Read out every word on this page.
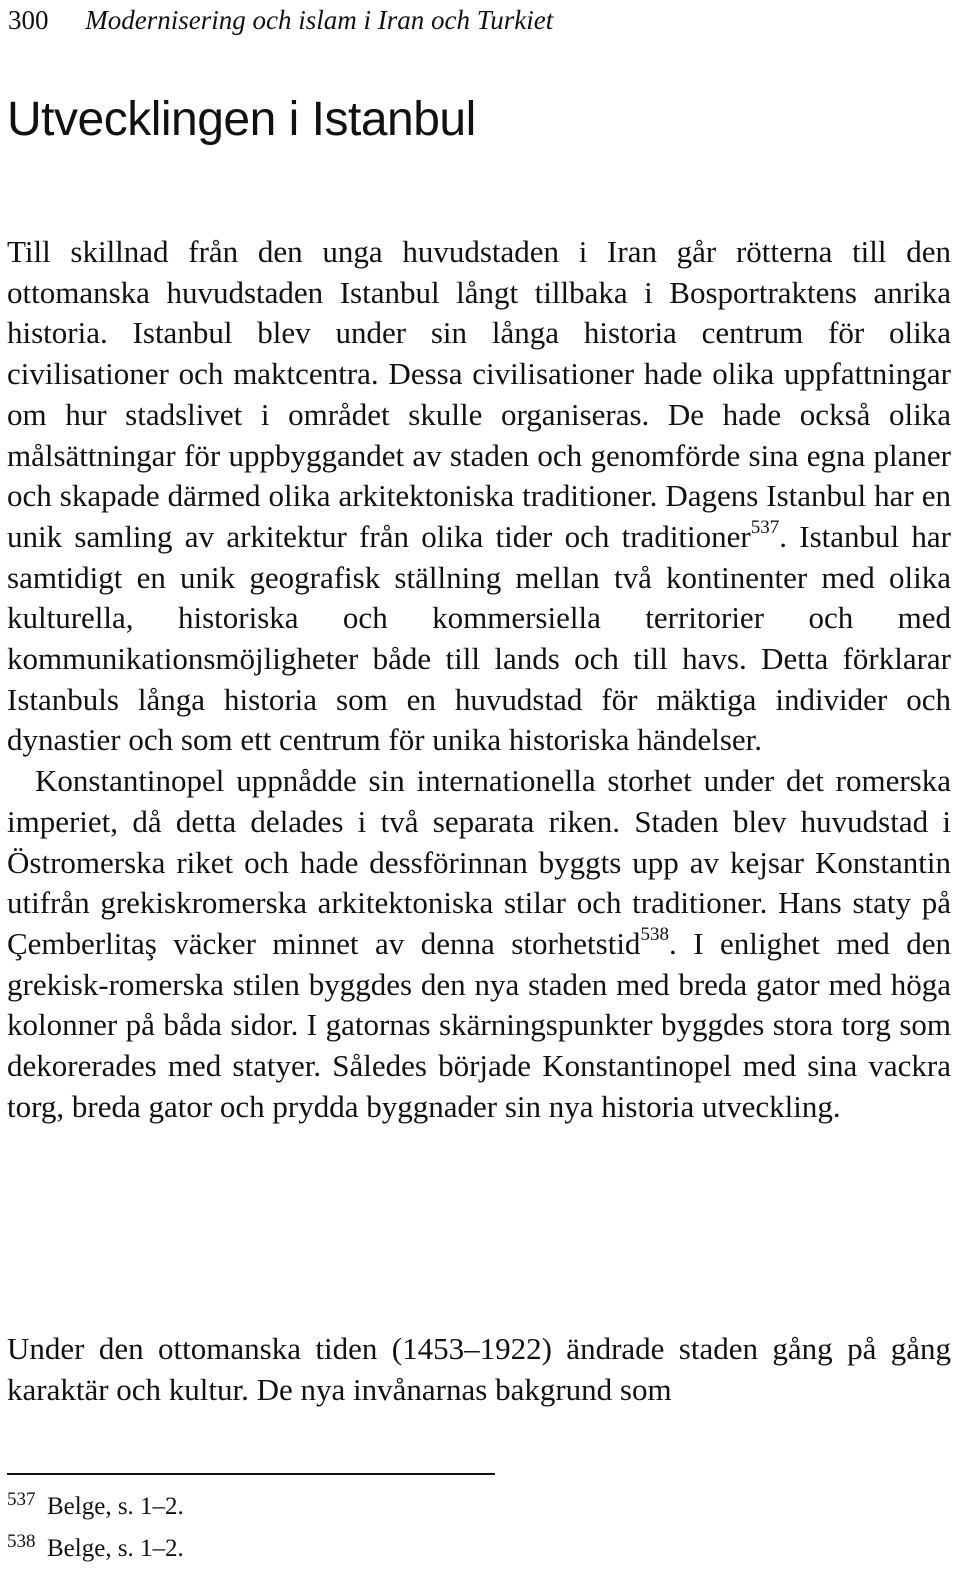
300 Modernisering och islam i Iran och Turkiet
Utvecklingen i Istanbul

Till skillnad från den unga huvudstaden i Iran går rötterna till den ottomanska huvudstaden Istanbul långt tillbaka i Bosportraktens anrika historia. Istanbul blev under sin långa historia centrum för olika civilisationer och maktcentra. Dessa civilisationer hade olika uppfattningar om hur stadslivet i området skulle organiseras. De hade också olika målsättningar för uppbyggandet av staden och genomförde sina egna planer och skapade därmed olika arkitektoniska traditioner. Dagens Istanbul har en unik samling av arkitektur från olika tider och traditioner$^{537}$. Istanbul har samtidigt en unik geografisk ställning mellan två kontinenter med olika kulturella, historiska och kommersiella territorier och med kommunikationsmöjligheter både till lands och till havs. Detta förklarar Istanbuls långa historia som en huvudstad för mäktiga individer och dynastier och som ett centrum för unika historiska händelser.

Konstantinopel uppnådde sin internationella storhet under det romerska imperiet, då detta delades i två separata riken. Staden blev huvudstad i Östromerska riket och hade dessförinnan byggts upp av kejsar Konstantin utifrån grekiskromerska arkitektoniska stilar och traditioner. Hans staty på Çemberlitaş väcker minnet av denna storhetstid$^{538}$. I enlighet med den grekisk-romerska stilen byggdes den nya staden med breda gator med höga kolonner på båda sidor. I gatornas skärningspunkter byggdes stora torg som dekorerades med statyer. Således började Konstantinopel med sina vackra torg, breda gator och prydda byggnader sin nya historia utveckling.

Under den ottomanska tiden (1453–1922) ändrade staden gång på gång karaktär och kultur. De nya invånarnas bakgrund som

537 Belge, s. 1–2.
538 Belge, s. 1–2.
